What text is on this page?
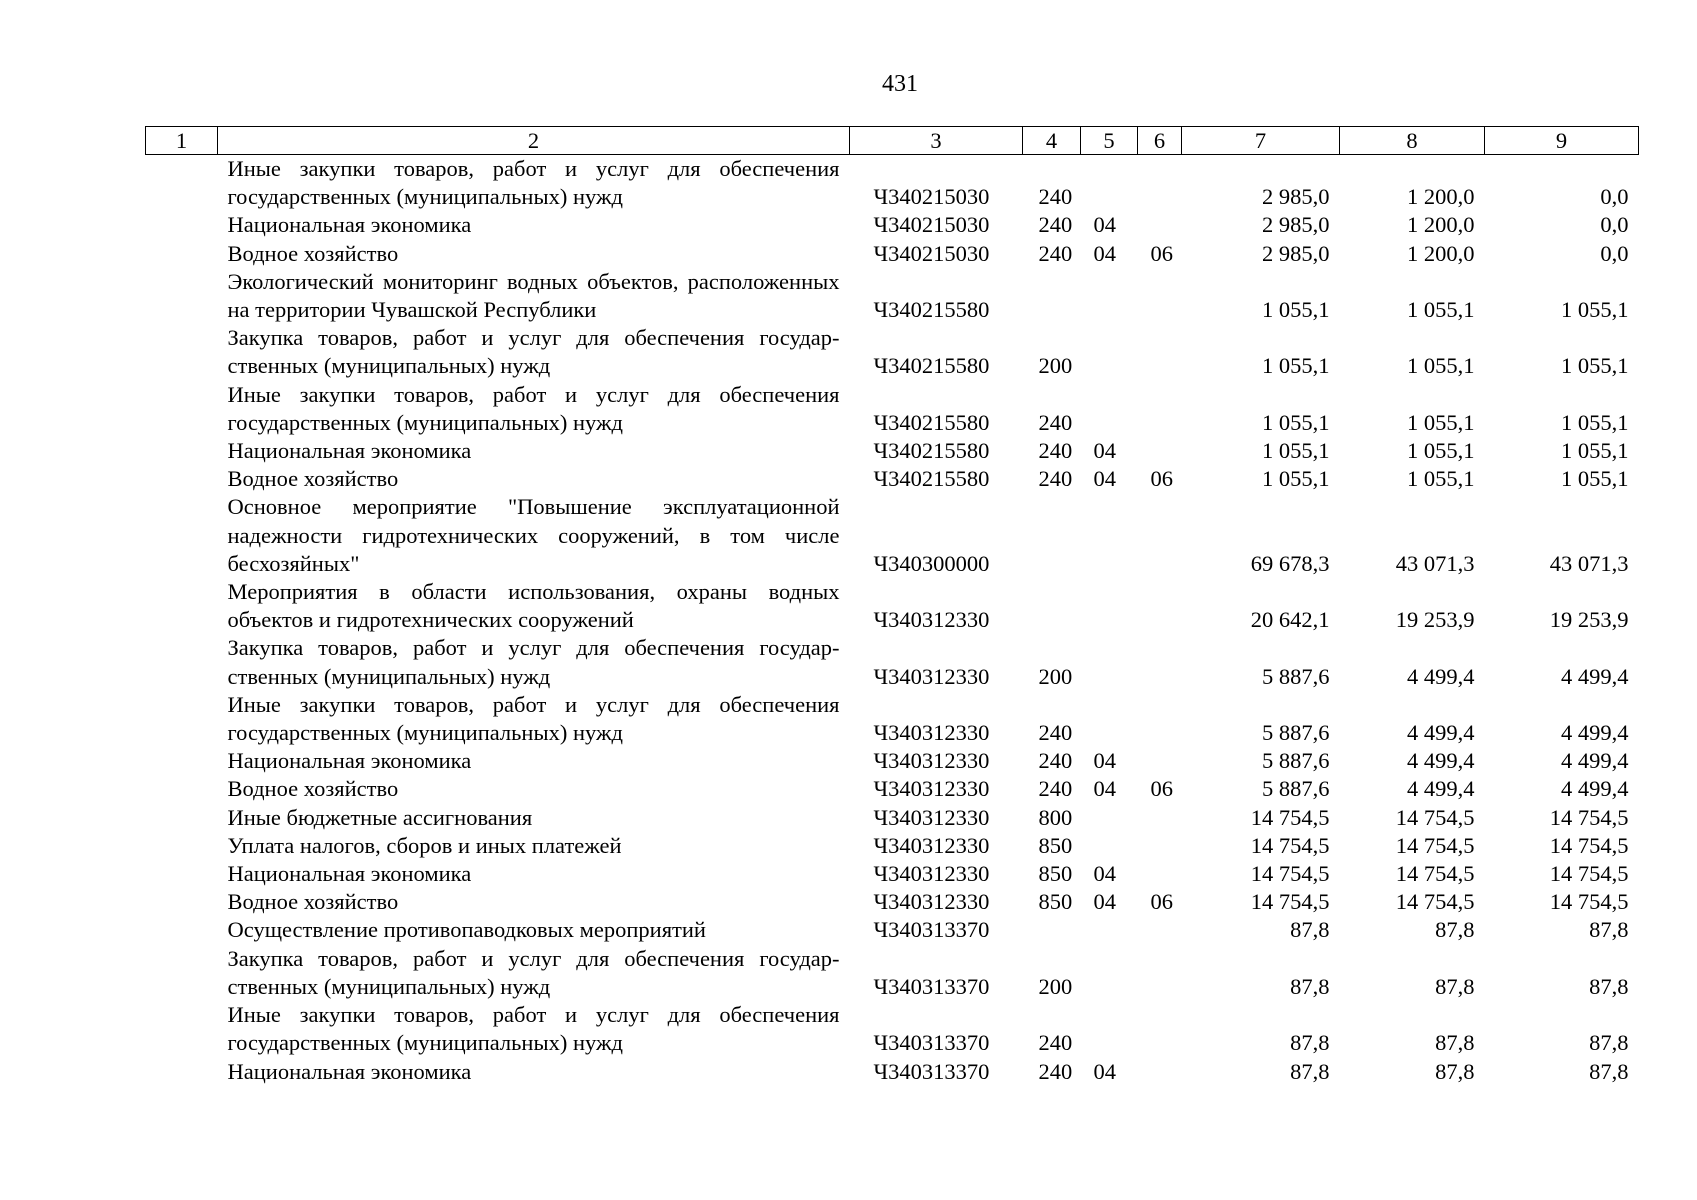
431
1	2	3	4	5	6	7	8	9
	Иные закупки товаров, работ и услуг для обеспечения государственных (муниципальных) нужд	Ч340215030	240			2 985,0	1 200,0	0,0
	Национальная экономика	Ч340215030	240	04		2 985,0	1 200,0	0,0
	Водное хозяйство	Ч340215030	240	04	06	2 985,0	1 200,0	0,0
	Экологический мониторинг водных объектов, расположенных на территории Чувашской Республики	Ч340215580				1 055,1	1 055,1	1 055,1
	Закупка товаров, работ и услуг для обеспечения государственных (муниципальных) нужд	Ч340215580	200			1 055,1	1 055,1	1 055,1
	Иные закупки товаров, работ и услуг для обеспечения государственных (муниципальных) нужд	Ч340215580	240			1 055,1	1 055,1	1 055,1
	Национальная экономика	Ч340215580	240	04		1 055,1	1 055,1	1 055,1
	Водное хозяйство	Ч340215580	240	04	06	1 055,1	1 055,1	1 055,1
	Основное мероприятие "Повышение эксплуатационной надежности гидротехнических сооружений, в том числе бесхозяйных"	Ч340300000				69 678,3	43 071,3	43 071,3
	Мероприятия в области использования, охраны водных объектов и гидротехнических сооружений	Ч340312330				20 642,1	19 253,9	19 253,9
	Закупка товаров, работ и услуг для обеспечения государственных (муниципальных) нужд	Ч340312330	200			5 887,6	4 499,4	4 499,4
	Иные закупки товаров, работ и услуг для обеспечения государственных (муниципальных) нужд	Ч340312330	240			5 887,6	4 499,4	4 499,4
	Национальная экономика	Ч340312330	240	04		5 887,6	4 499,4	4 499,4
	Водное хозяйство	Ч340312330	240	04	06	5 887,6	4 499,4	4 499,4
	Иные бюджетные ассигнования	Ч340312330	800			14 754,5	14 754,5	14 754,5
	Уплата налогов, сборов и иных платежей	Ч340312330	850			14 754,5	14 754,5	14 754,5
	Национальная экономика	Ч340312330	850	04		14 754,5	14 754,5	14 754,5
	Водное хозяйство	Ч340312330	850	04	06	14 754,5	14 754,5	14 754,5
	Осуществление противопаводковых мероприятий	Ч340313370				87,8	87,8	87,8
	Закупка товаров, работ и услуг для обеспечения государственных (муниципальных) нужд	Ч340313370	200			87,8	87,8	87,8
	Иные закупки товаров, работ и услуг для обеспечения государственных (муниципальных) нужд	Ч340313370	240			87,8	87,8	87,8
	Национальная экономика	Ч340313370	240	04		87,8	87,8	87,8
